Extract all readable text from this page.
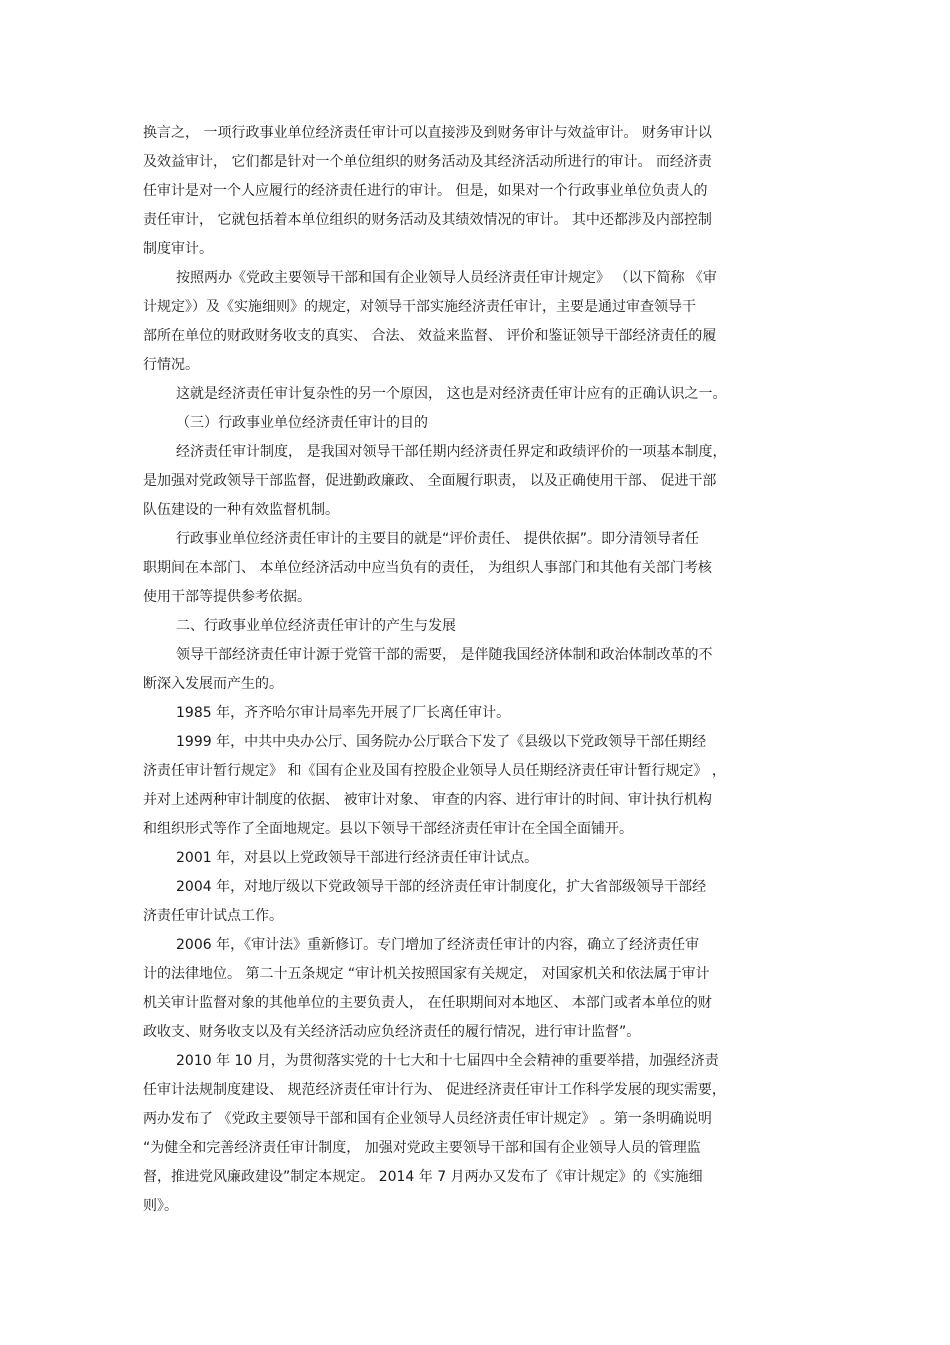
换言之， 一项行政事业单位经济责任审计可以直接涉及到财务审计与效益审计。 财务审计以
及效益审计， 它们都是针对一个单位组织的财务活动及其经济活动所进行的审计。 而经济责
任审计是对一个人应履行的经济责任进行的审计。 但是，如果对一个行政事业单位负责人的
责任审计， 它就包括着本单位组织的财务活动及其绩效情况的审计。 其中还都涉及内部控制
制度审计。
按照两办《党政主要领导干部和国有企业领导人员经济责任审计规定》 （以下简称 《审
计规定》）及《实施细则》的规定，对领导干部实施经济责任审计，主要是通过审查领导干
部所在单位的财政财务收支的真实、 合法、 效益来监督、 评价和鉴证领导干部经济责任的履
行情况。
这就是经济责任审计复杂性的另一个原因， 这也是对经济责任审计应有的正确认识之一。
（三）行政事业单位经济责任审计的目的
经济责任审计制度， 是我国对领导干部任期内经济责任界定和政绩评价的一项基本制度，
是加强对党政领导干部监督，促进勤政廉政、 全面履行职责， 以及正确使用干部、 促进干部
队伍建设的一种有效监督机制。
行政事业单位经济责任审计的主要目的就是“评价责任、 提供依据”。即分清领导者任
职期间在本部门、 本单位经济活动中应当负有的责任， 为组织人事部门和其他有关部门考核
使用干部等提供参考依据。
二、行政事业单位经济责任审计的产生与发展
领导干部经济责任审计源于党管干部的需要， 是伴随我国经济体制和政治体制改革的不
断深入发展而产生的。
1985 年，齐齐哈尔审计局率先开展了厂长离任审计。
1999 年，中共中央办公厅、国务院办公厅联合下发了《县级以下党政领导干部任期经
济责任审计暂行规定》 和《国有企业及国有控股企业领导人员任期经济责任审计暂行规定》 ，
并对上述两种审计制度的依据、 被审计对象、 审查的内容、进行审计的时间、审计执行机构
和组织形式等作了全面地规定。县以下领导干部经济责任审计在全国全面铺开。
2001 年，对县以上党政领导干部进行经济责任审计试点。
2004 年，对地厅级以下党政领导干部的经济责任审计制度化，扩大省部级领导干部经
济责任审计试点工作。
2006 年，《审计法》重新修订。专门增加了经济责任审计的内容，确立了经济责任审
计的法律地位。 第二十五条规定 “审计机关按照国家有关规定， 对国家机关和依法属于审计
机关审计监督对象的其他单位的主要负责人， 在任职期间对本地区、 本部门或者本单位的财
政收支、财务收支以及有关经济活动应负经济责任的履行情况，进行审计监督”。
2010 年 10 月，为贯彻落实党的十七大和十七届四中全会精神的重要举措，加强经济责
任审计法规制度建设、 规范经济责任审计行为、 促进经济责任审计工作科学发展的现实需要，
两办发布了 《党政主要领导干部和国有企业领导人员经济责任审计规定》 。第一条明确说明
“为健全和完善经济责任审计制度， 加强对党政主要领导干部和国有企业领导人员的管理监
督，推进党风廉政建设”制定本规定。 2014 年 7 月两办又发布了《审计规定》的《实施细
则》。
